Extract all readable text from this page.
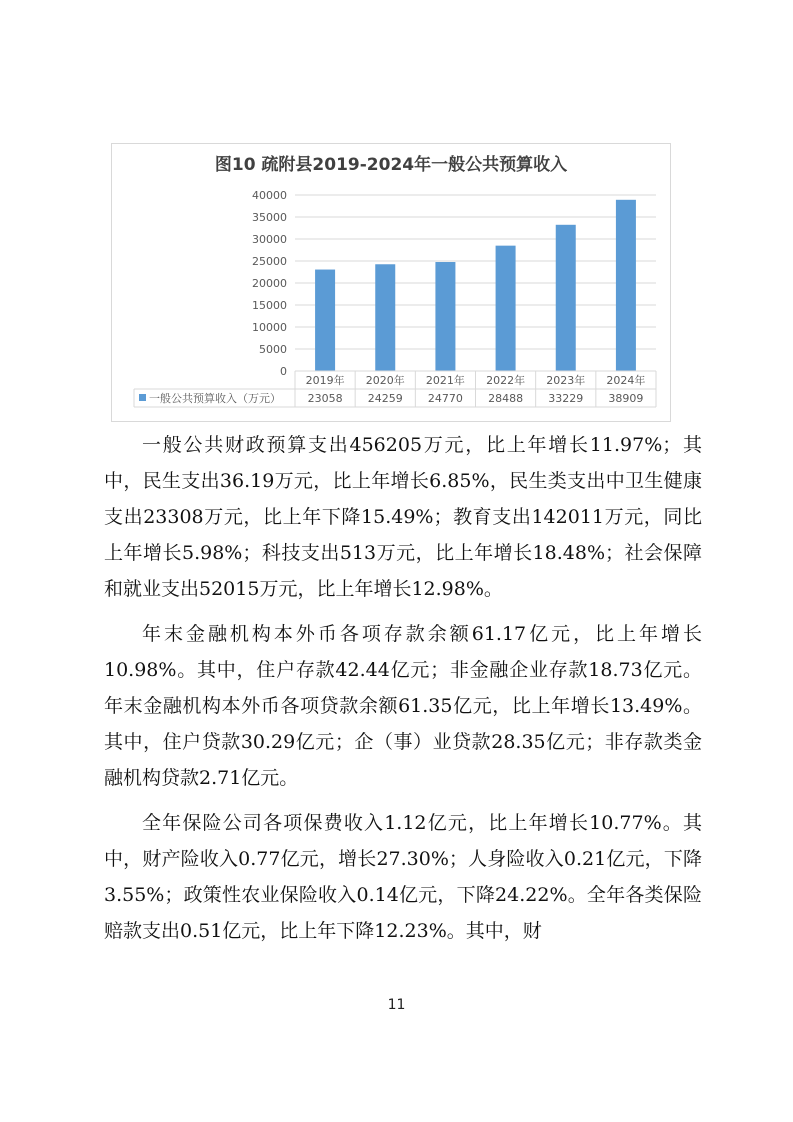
图10 疏附县2019-2024年一般公共预算收入
0
5000
10000
15000
20000
25000
30000
35000
40000
2019年
23058
2020年
24259
2021年
24770
2022年
28488
2023年
33229
2024年
38909
一般公共预算收入（万元）

一般公共财政预算支出456205万元，比上年增长11.97%；其中，民生支出36.19万元，比上年增长6.85%，民生类支出中卫生健康支出23308万元，比上年下降15.49%；教育支出142011万元，同比上年增长5.98%；科技支出513万元，比上年增长18.48%；社会保障和就业支出52015万元，比上年增长12.98%。

年末金融机构本外币各项存款余额61.17亿元，比上年增长10.98%。其中，住户存款42.44亿元；非金融企业存款18.73亿元。年末金融机构本外币各项贷款余额61.35亿元，比上年增长13.49%。其中，住户贷款30.29亿元；企（事）业贷款28.35亿元；非存款类金融机构贷款2.71亿元。

全年保险公司各项保费收入1.12亿元，比上年增长10.77%。其中，财产险收入0.77亿元，增长27.30%；人身险收入0.21亿元，下降3.55%；政策性农业保险收入0.14亿元，下降24.22%。全年各类保险赔款支出0.51亿元，比上年下降12.23%。其中，财

11
